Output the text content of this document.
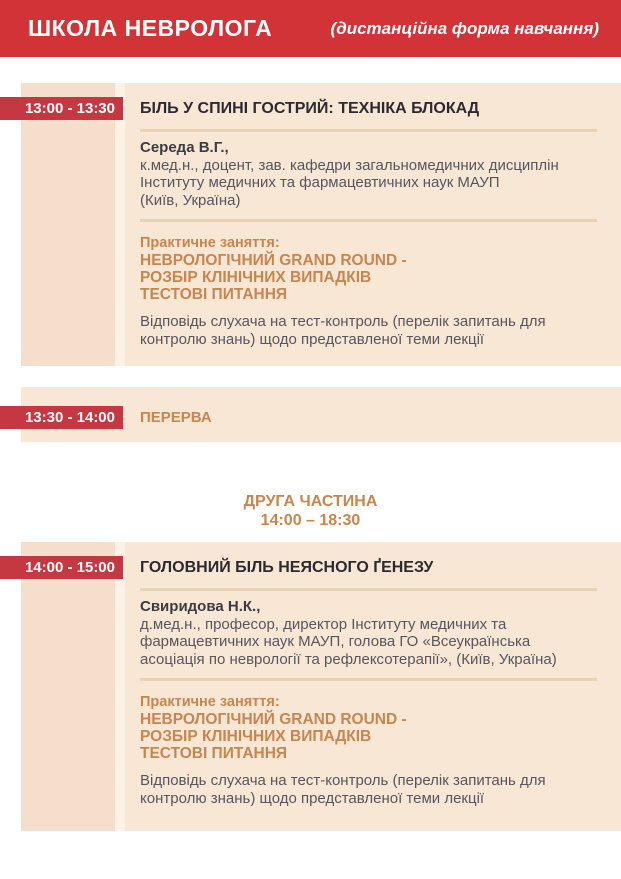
ШКОЛА НЕВРОЛОГА	(дистанційна форма навчання)
13:00 - 13:30	БІЛЬ У СПИНІ ГОСТРИЙ: ТЕХНІКА БЛОКАД
Середа В.Г.,
к.мед.н., доцент, зав. кафедри загальномедичних дисциплін
Інституту медичних та фармацевтичних наук МАУП
(Київ, Україна)
Практичне заняття:
НЕВРОЛОГІЧНИЙ GRAND ROUND -
РОЗБІР КЛІНІЧНИХ ВИПАДКІВ
ТЕСТОВІ ПИТАННЯ
Відповідь слухача на тест-контроль (перелік запитань для
контролю знань) щодо представленої теми лекції
13:30 - 14:00	ПЕРЕРВА
ДРУГА ЧАСТИНА
14:00 – 18:30
14:00 - 15:00	ГОЛОВНИЙ БІЛЬ НЕЯСНОГО ҐЕНЕЗУ
Свиридова Н.К.,
д.мед.н., професор, директор Інституту медичних та
фармацевтичних наук МАУП, голова ГО «Всеукраїнська
асоціація по неврології та рефлексотерапії», (Київ, Україна)
Практичне заняття:
НЕВРОЛОГІЧНИЙ GRAND ROUND -
РОЗБІР КЛІНІЧНИХ ВИПАДКІВ
ТЕСТОВІ ПИТАННЯ
Відповідь слухача на тест-контроль (перелік запитань для
контролю знань) щодо представленої теми лекції
